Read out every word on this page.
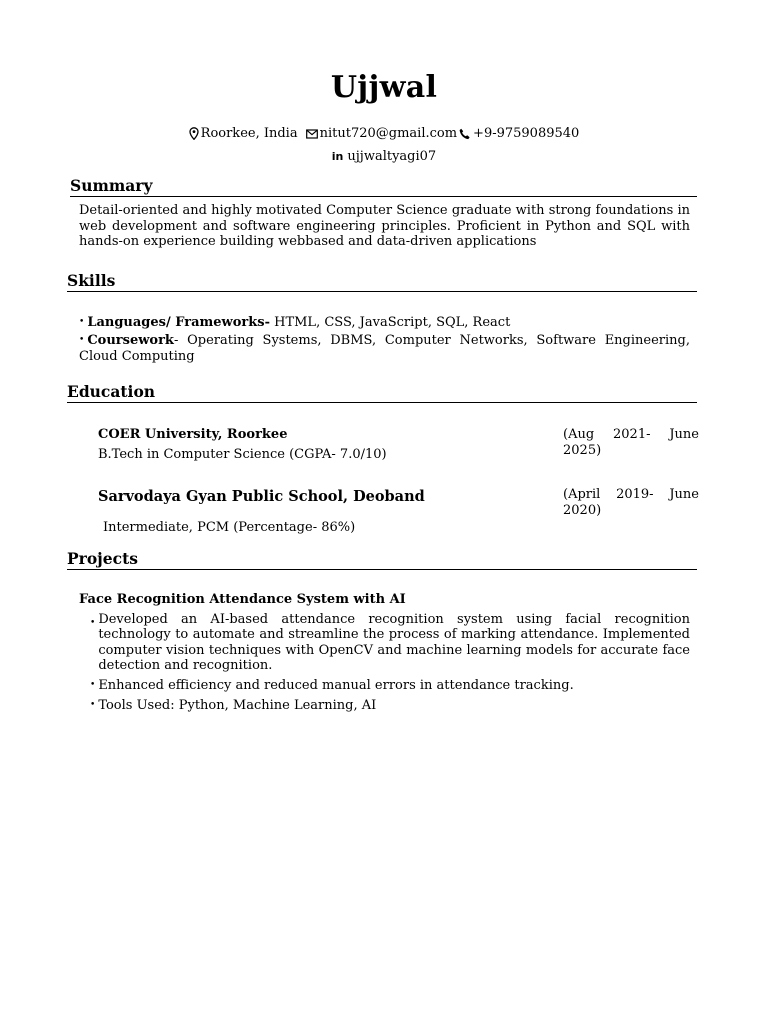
Ujjwal
Roorkee, India nitut720@gmail.com +9-9759089540
in ujjwaltyagi07
Summary
Detail-oriented and highly motivated Computer Science graduate with strong foundations in web development and software engineering principles. Proficient in Python and SQL with hands-on experience building webbased and data-driven applications
Skills
• Languages/ Frameworks- HTML, CSS, JavaScript, SQL, React
• Coursework- Operating Systems, DBMS, Computer Networks, Software Engineering, Cloud Computing
Education
COER University, Roorkee
B.Tech in Computer Science (CGPA- 7.0/10)
(Aug 2021- June 2025)
Sarvodaya Gyan Public School, Deoband
Intermediate, PCM (Percentage- 86%)
(April 2019- June 2020)
Projects
Face Recognition Attendance System with AI
• Developed an AI-based attendance recognition system using facial recognition technology to automate and streamline the process of marking attendance. Implemented computer vision techniques with OpenCV and machine learning models for accurate face detection and recognition.
• Enhanced efficiency and reduced manual errors in attendance tracking.
• Tools Used: Python, Machine Learning, AI
